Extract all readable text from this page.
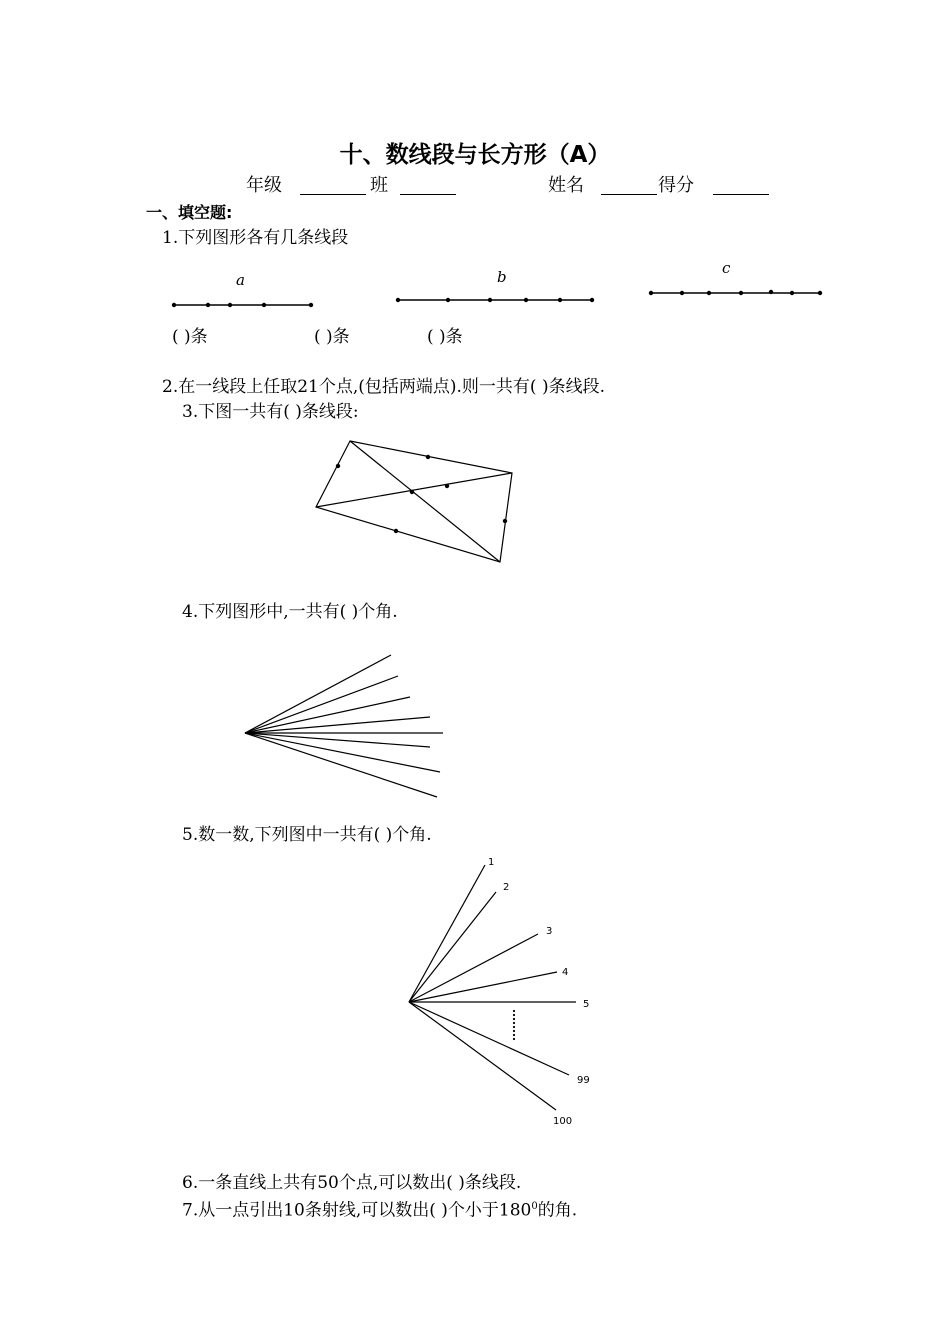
十、数线段与长方形（A）
年级	班	姓名	得分
一、填空题:
1.下列图形各有几条线段
a	b	c
1
2
3
4
5
99
100
( )条	( )条	( )条
2.在一线段上任取21个点,(包括两端点).则一共有( )条线段.
3.下图一共有( )条线段:
4.下列图形中,一共有( )个角.
5.数一数,下列图中一共有( )个角.
6.一条直线上共有50个点,可以数出( )条线段.
7.从一点引出10条射线,可以数出( )个小于$180^0$的角.
